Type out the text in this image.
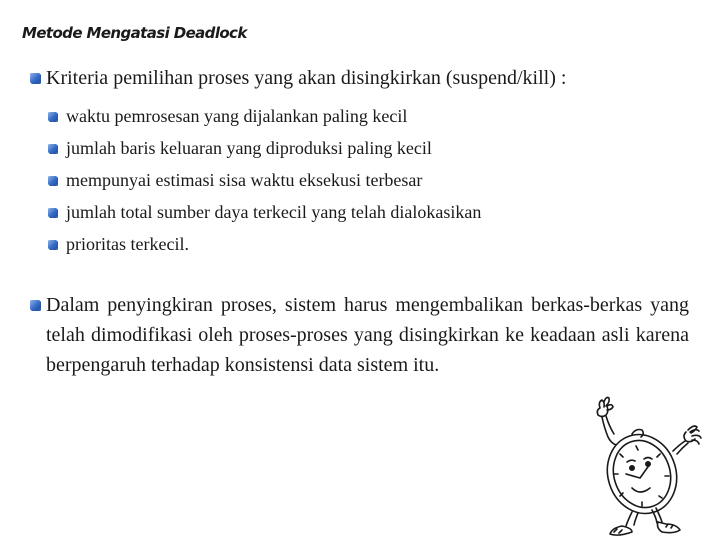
Metode Mengatasi Deadlock
Kriteria pemilihan proses yang akan disingkirkan (suspend/kill) :
waktu pemrosesan yang dijalankan paling kecil
jumlah baris keluaran yang diproduksi paling kecil
mempunyai estimasi sisa waktu eksekusi terbesar
jumlah total sumber daya terkecil yang telah dialokasikan
prioritas terkecil.
Dalam penyingkiran proses, sistem harus mengembalikan berkas-berkas yang telah dimodifikasi oleh proses-proses yang disingkirkan ke keadaan asli karena berpengaruh terhadap konsistensi data sistem itu.
